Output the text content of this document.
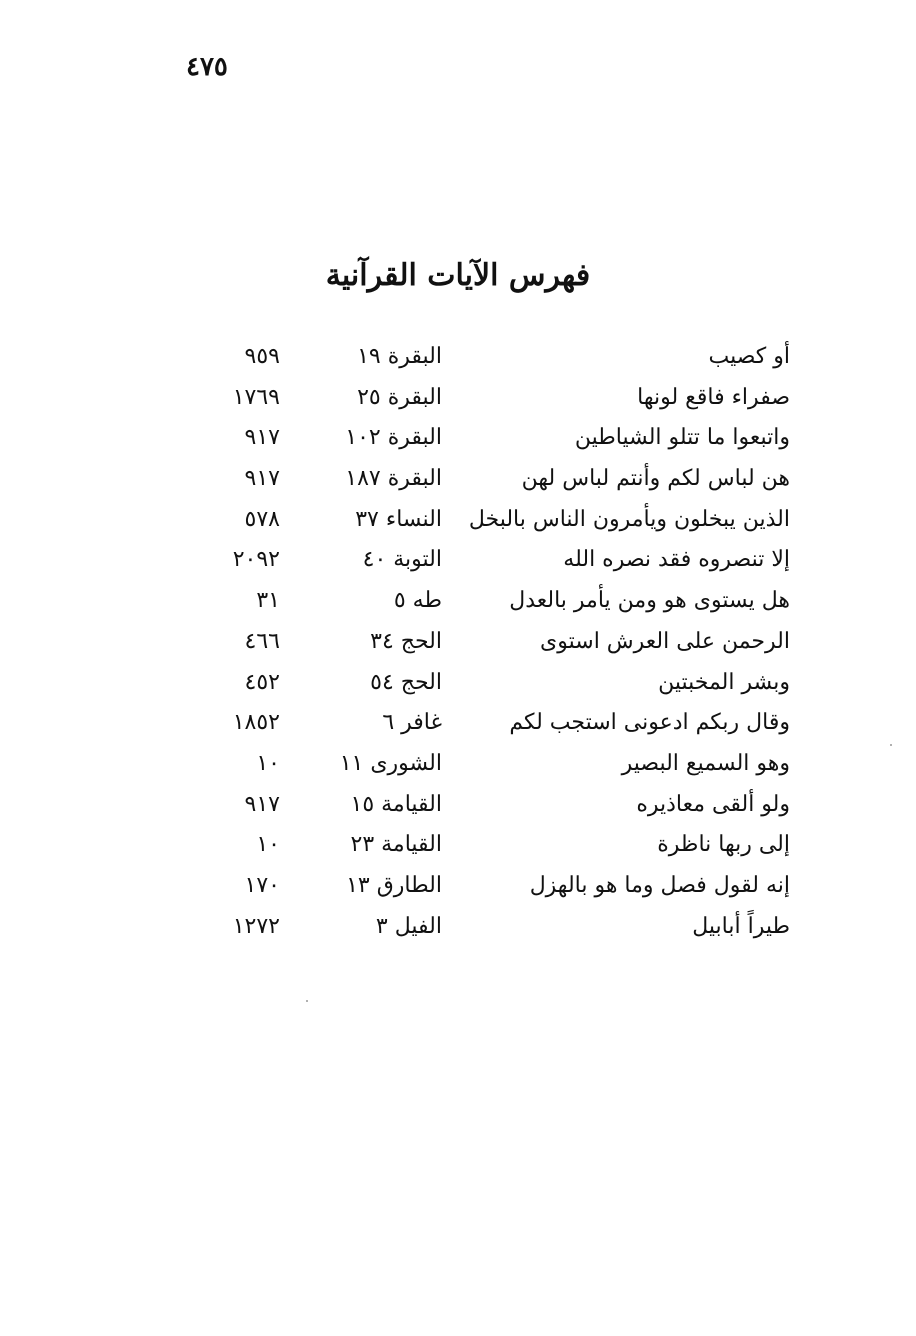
٤٧٥
فهرس الآيات القرآنية
أو كصيب
البقرة ١٩
٩٥٩
صفراء فاقع لونها
البقرة ٢٥
١٧٦٩
واتبعوا ما تتلو الشياطين
البقرة ١٠٢
٩١٧
هن لباس لكم وأنتم لباس لهن
البقرة ١٨٧
٩١٧
الذين يبخلون ويأمرون الناس بالبخل
النساء ٣٧
٥٧٨
إلا تنصروه فقد نصره الله
التوبة ٤٠
٢٠٩٢
هل يستوى هو ومن يأمر بالعدل
طه ٥
٣١
الرحمن على العرش استوى
الحج ٣٤
٤٦٦
وبشر المخبتين
الحج ٥٤
٤٥٢
وقال ربكم ادعونى استجب لكم
غافر ٦
١٨٥٢
وهو السميع البصير
الشورى ١١
١٠
ولو ألقى معاذيره
القيامة ١٥
٩١٧
إلى ربها ناظرة
القيامة ٢٣
١٠
إنه لقول فصل وما هو بالهزل
الطارق ١٣
١٧٠
طيراً أبابيل
الفيل ٣
١٢٧٢
